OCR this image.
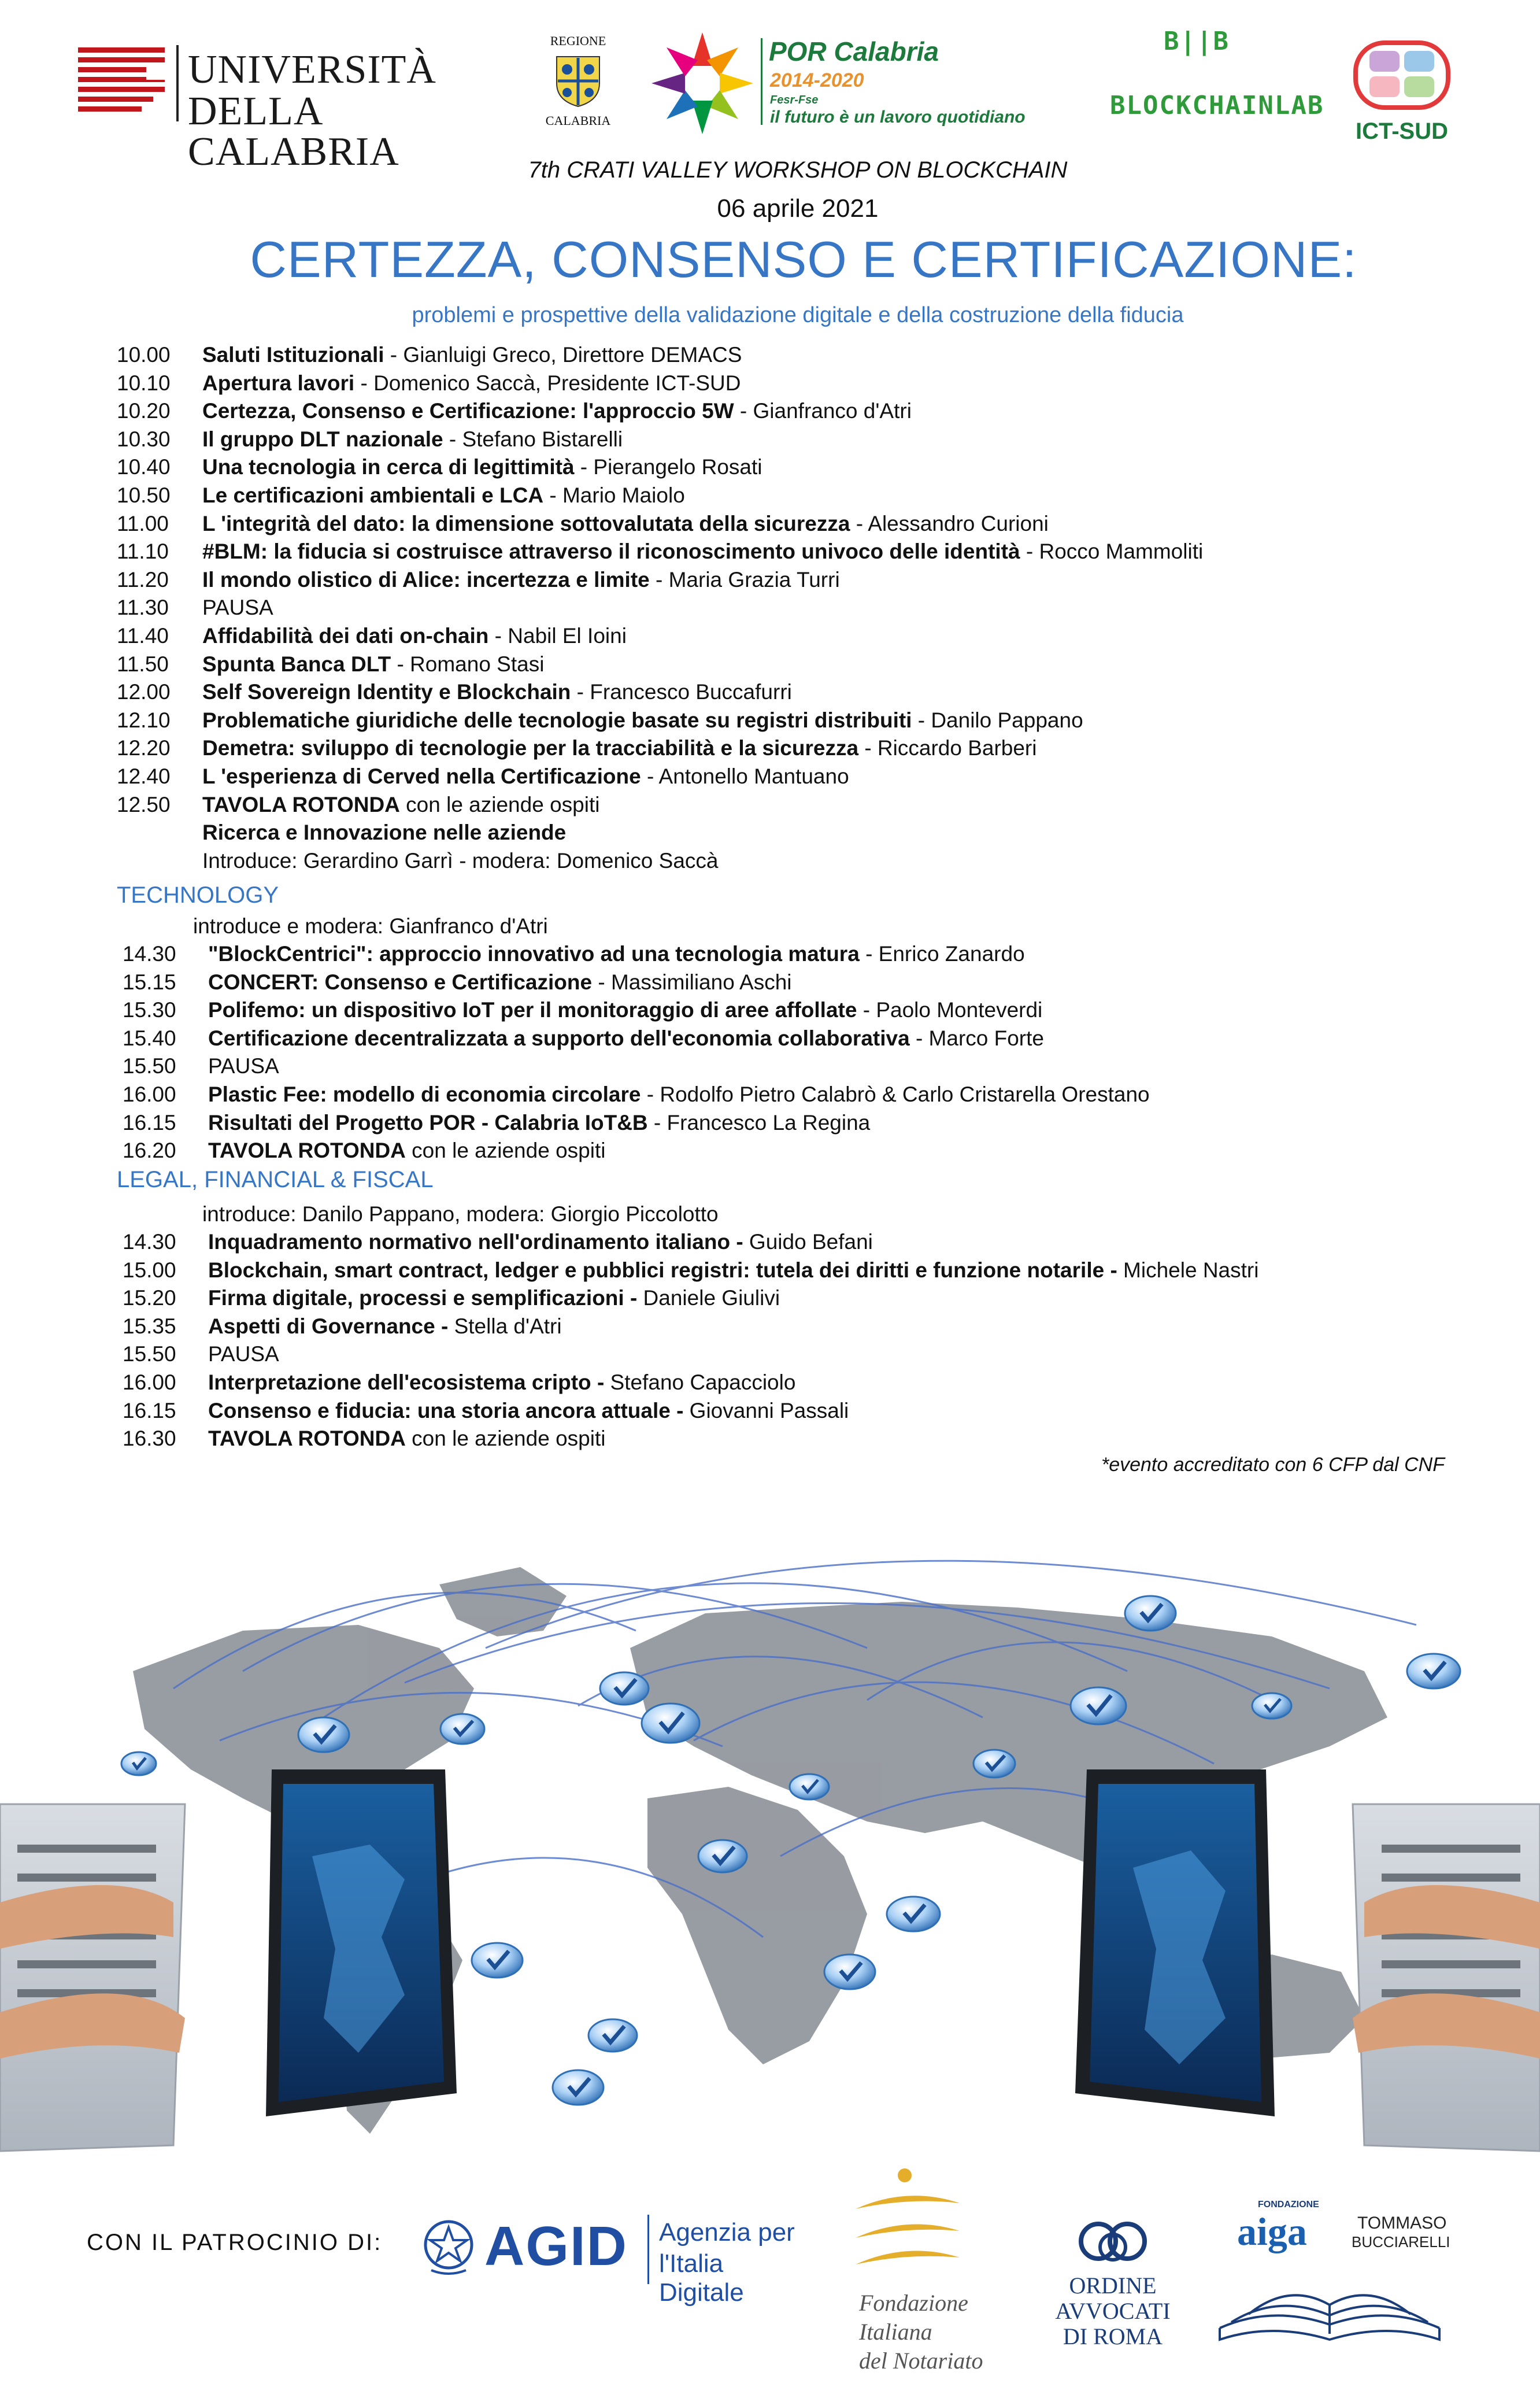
UNIVERSITÀ
DELLA CALABRIA
REGIONE
CALABRIA
POR Calabria
2014-2020
Fesr-Fse
il futuro è un lavoro quotidiano
B||B
BLOCKCHAINLAB
ICT-SUD
7th CRATI VALLEY WORKSHOP ON BLOCKCHAIN
06 aprile 2021
CERTEZZA, CONSENSO E CERTIFICAZIONE:
problemi e prospettive della validazione digitale e della costruzione della fiducia
10.00 Saluti Istituzionali - Gianluigi Greco, Direttore DEMACS
10.10 Apertura lavori - Domenico Saccà, Presidente ICT-SUD
10.20 Certezza, Consenso e Certificazione: l'approccio 5W - Gianfranco d'Atri
10.30 Il gruppo DLT nazionale - Stefano Bistarelli
10.40 Una tecnologia in cerca di legittimità - Pierangelo Rosati
10.50 Le certificazioni ambientali e LCA - Mario Maiolo
11.00 L 'integrità del dato: la dimensione sottovalutata della sicurezza - Alessandro Curioni
11.10 #BLM: la fiducia si costruisce attraverso il riconoscimento univoco delle identità - Rocco Mammoliti
11.20 Il mondo olistico di Alice: incertezza e limite - Maria Grazia Turri
11.30 PAUSA
11.40 Affidabilità dei dati on-chain - Nabil El Ioini
11.50 Spunta Banca DLT - Romano Stasi
12.00 Self Sovereign Identity e Blockchain - Francesco Buccafurri
12.10 Problematiche giuridiche delle tecnologie basate su registri distribuiti - Danilo Pappano
12.20 Demetra: sviluppo di tecnologie per la tracciabilità e la sicurezza - Riccardo Barberi
12.40 L 'esperienza di Cerved nella Certificazione - Antonello Mantuano
12.50 TAVOLA ROTONDA con le aziende ospiti
Ricerca e Innovazione nelle aziende
Introduce: Gerardino Garrì - modera: Domenico Saccà
TECHNOLOGY
introduce e modera: Gianfranco d'Atri
14.30 "BlockCentrici": approccio innovativo ad una tecnologia matura - Enrico Zanardo
15.15 CONCERT: Consenso e Certificazione - Massimiliano Aschi
15.30 Polifemo: un dispositivo IoT per il monitoraggio di aree affollate - Paolo Monteverdi
15.40 Certificazione decentralizzata a supporto dell'economia collaborativa - Marco Forte
15.50 PAUSA
16.00 Plastic Fee: modello di economia circolare - Rodolfo Pietro Calabrò & Carlo Cristarella Orestano
16.15 Risultati del Progetto POR - Calabria IoT&B - Francesco La Regina
16.20 TAVOLA ROTONDA con le aziende ospiti
LEGAL, FINANCIAL & FISCAL
introduce: Danilo Pappano, modera: Giorgio Piccolotto
14.30 Inquadramento normativo nell'ordinamento italiano - Guido Befani
15.00 Blockchain, smart contract, ledger e pubblici registri: tutela dei diritti e funzione notarile - Michele Nastri
15.20 Firma digitale, processi e semplificazioni - Daniele Giulivi
15.35 Aspetti di Governance - Stella d'Atri
15.50 PAUSA
16.00 Interpretazione dell'ecosistema cripto - Stefano Capacciolo
16.15 Consenso e fiducia: una storia ancora attuale - Giovanni Passali
16.30 TAVOLA ROTONDA con le aziende ospiti
*evento accreditato con 6 CFP dal CNF
CON IL PATROCINIO DI: AGID Agenzia per
l'Italia Digitale	Fondazione
Italiana
del Notariato
ORDINE
AVVOCATI
DI ROMA
FONDAZIONE
aiga	TOMMASO
BUCCIARELLI
